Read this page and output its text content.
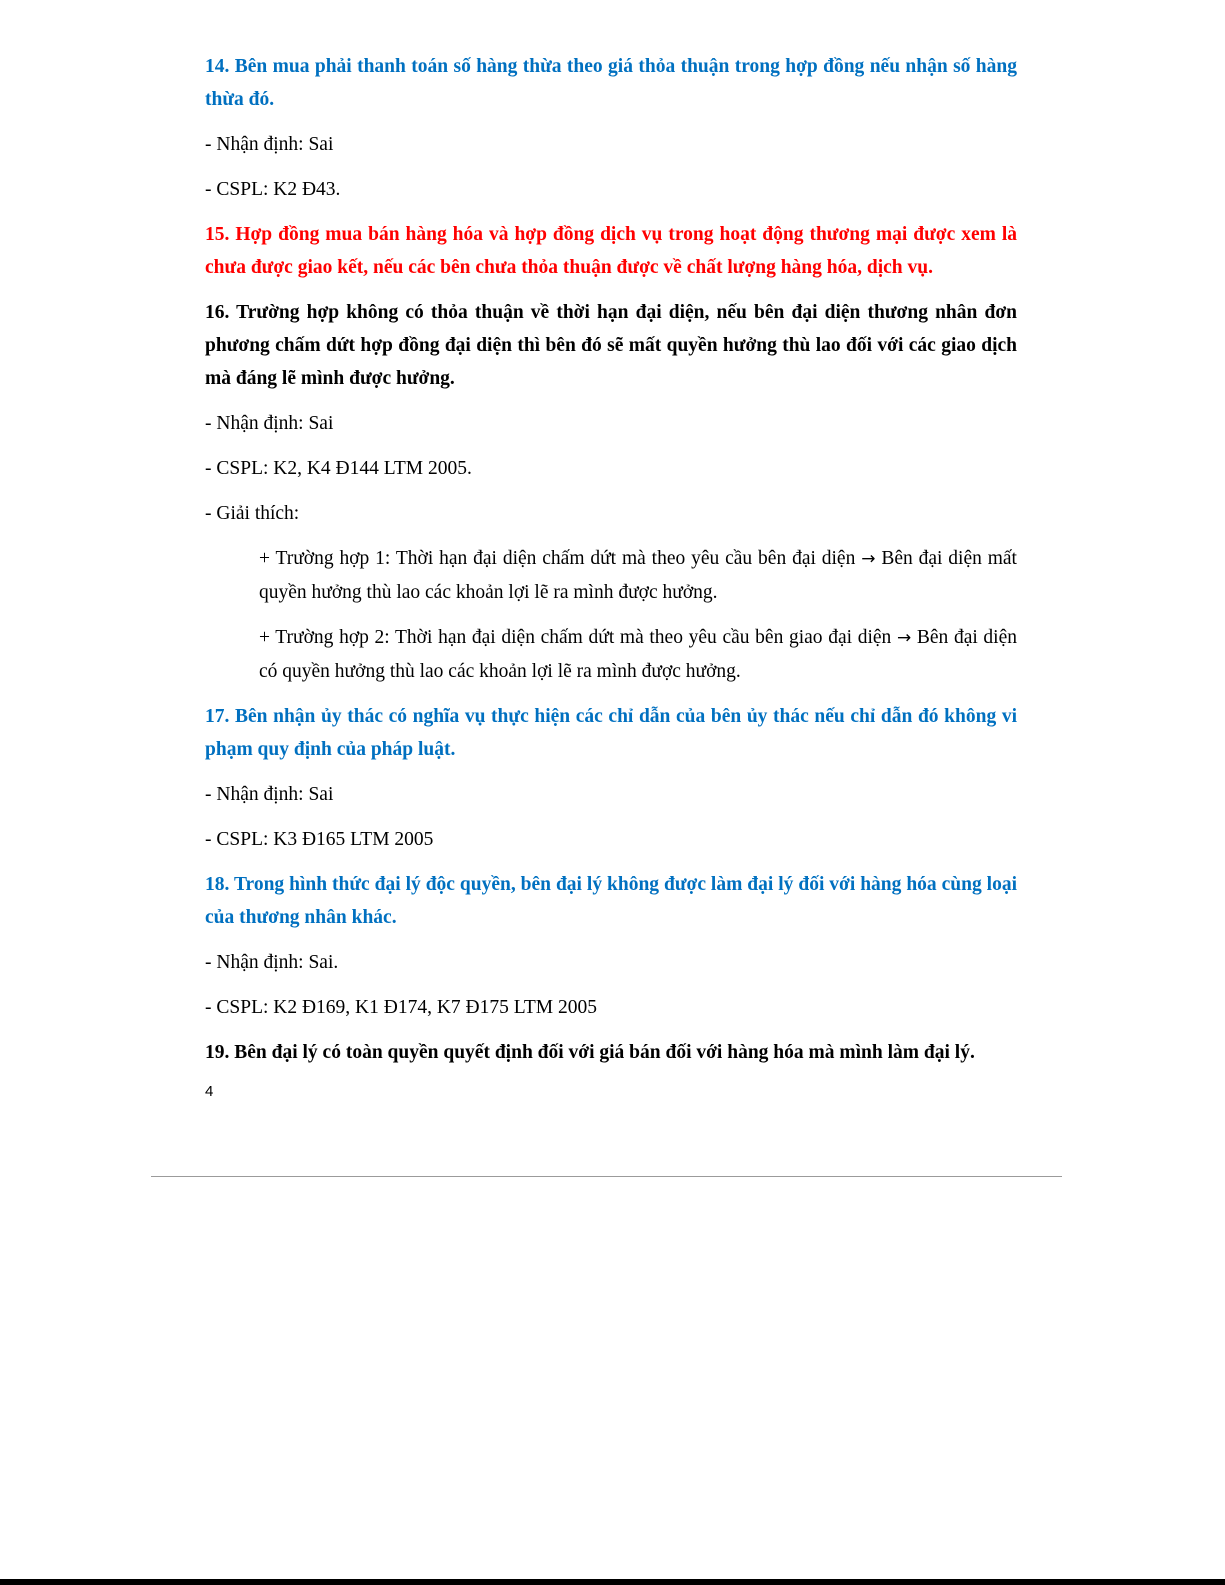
14. Bên mua phải thanh toán số hàng thừa theo giá thỏa thuận trong hợp đồng nếu nhận số hàng thừa đó.

- Nhận định: Sai

- CSPL: K2 Đ43.

15. Hợp đồng mua bán hàng hóa và hợp đồng dịch vụ trong hoạt động thương mại được xem là chưa được giao kết, nếu các bên chưa thỏa thuận được về chất lượng hàng hóa, dịch vụ.

16. Trường hợp không có thỏa thuận về thời hạn đại diện, nếu bên đại diện thương nhân đơn phương chấm dứt hợp đồng đại diện thì bên đó sẽ mất quyền hưởng thù lao đối với các giao dịch mà đáng lẽ mình được hưởng.

- Nhận định: Sai

- CSPL: K2, K4 Đ144 LTM 2005.

- Giải thích:

+ Trường hợp 1: Thời hạn đại diện chấm dứt mà theo yêu cầu bên đại diện → Bên đại diện mất quyền hưởng thù lao các khoản lợi lẽ ra mình được hưởng.

+ Trường hợp 2: Thời hạn đại diện chấm dứt mà theo yêu cầu bên giao đại diện → Bên đại diện có quyền hưởng thù lao các khoản lợi lẽ ra mình được hưởng.

17. Bên nhận ủy thác có nghĩa vụ thực hiện các chỉ dẫn của bên ủy thác nếu chỉ dẫn đó không vi phạm quy định của pháp luật.

- Nhận định: Sai

- CSPL: K3 Đ165 LTM 2005

18. Trong hình thức đại lý độc quyền, bên đại lý không được làm đại lý đối với hàng hóa cùng loại của thương nhân khác.

- Nhận định: Sai.

- CSPL: K2 Đ169, K1 Đ174, K7 Đ175 LTM 2005

19. Bên đại lý có toàn quyền quyết định đối với giá bán đối với hàng hóa mà mình làm đại lý.

4
